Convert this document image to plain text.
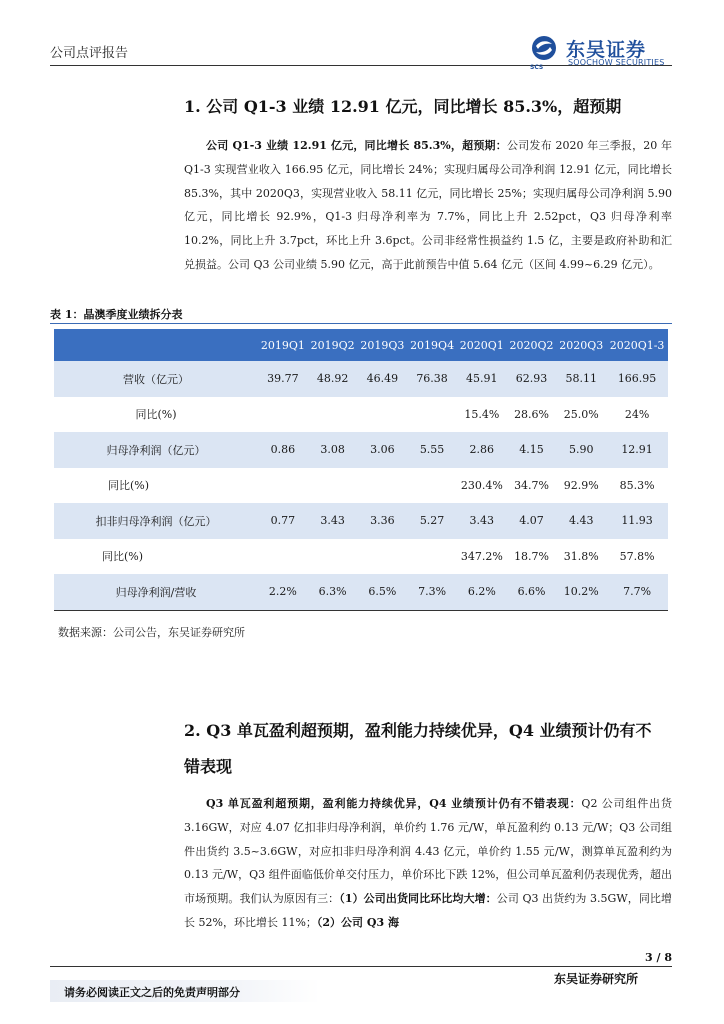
公司点评报告
SCS
东吴证券
SOOCHOW SECURITIES
1. 公司 Q1-3 业绩 12.91 亿元，同比增长 85.3%，超预期
公司 Q1-3 业绩 12.91 亿元，同比增长 85.3%，超预期：公司发布 2020 年三季报，20 年 Q1-3 实现营业收入 166.95 亿元，同比增长 24%；实现归属母公司净利润 12.91 亿元，同比增长 85.3%，其中 2020Q3，实现营业收入 58.11 亿元，同比增长 25%；实现归属母公司净利润 5.90亿元，同比增长 92.9%，Q1-3 归母净利率为 7.7%，同比上升 2.52pct，Q3 归母净利率 10.2%，同比上升 3.7pct，环比上升 3.6pct。公司非经常性损益约 1.5 亿，主要是政府补助和汇兑损益。公司 Q3 公司业绩 5.90 亿元，高于此前预告中值 5.64 亿元（区间 4.99~6.29 亿元）。
表 1：晶澳季度业绩拆分表
	2019Q1	2019Q2	2019Q3	2019Q4	2020Q1	2020Q2	2020Q3	2020Q1-3
营收（亿元）	39.77	48.92	46.49	76.38	45.91	62.93	58.11	166.95
同比(%)					15.4%	28.6%	25.0%	24%
归母净利润（亿元）	0.86	3.08	3.06	5.55	2.86	4.15	5.90	12.91
同比(%)					230.4%	34.7%	92.9%	85.3%
扣非归母净利润（亿元）	0.77	3.43	3.36	5.27	3.43	4.07	4.43	11.93
同比(%)					347.2%	18.7%	31.8%	57.8%
归母净利润/营收	2.2%	6.3%	6.5%	7.3%	6.2%	6.6%	10.2%	7.7%
数据来源：公司公告，东吴证券研究所
2. Q3 单瓦盈利超预期，盈利能力持续优异，Q4 业绩预计仍有不
错表现
Q3 单瓦盈利超预期，盈利能力持续优异，Q4 业绩预计仍有不错表现：Q2 公司组件出货 3.16GW，对应 4.07 亿扣非归母净利润，单价约 1.76 元/W，单瓦盈利约 0.13 元/W；Q3 公司组件出货约 3.5~3.6GW，对应扣非归母净利润 4.43 亿元，单价约 1.55 元/W，测算单瓦盈利约为 0.13 元/W，Q3 组件面临低价单交付压力，单价环比下跌 12%，但公司单瓦盈利仍表现优秀，超出市场预期。我们认为原因有三：（1）公司出货同比环比均大增：公司 Q3 出货约为 3.5GW，同比增长 52%，环比增长 11%；（2）公司 Q3 海
3 / 8
请务必阅读正文之后的免责声明部分
东吴证券研究所
